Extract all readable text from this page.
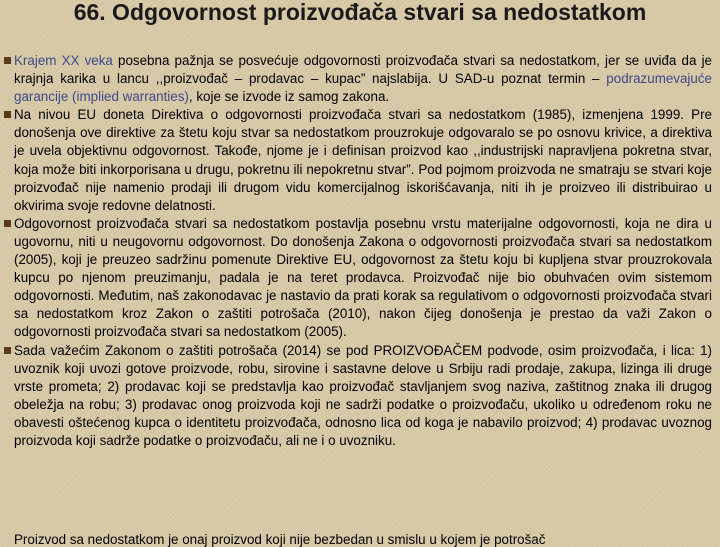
66. Odgovornost proizvođača stvari sa nedostatkom

Krajem XX veka posebna pažnja se posvećuje odgovornosti proizvođača stvari sa nedostatkom, jer se uviđa da je krajnja karika u lancu ,,proizvođač – prodavac – kupac” najslabija. U SAD-u poznat termin – podrazumevajuće garancije (implied warranties), koje se izvode iz samog zakona.

Na nivou EU doneta Direktiva o odgovornosti proizvođača stvari sa nedostatkom (1985), izmenjena 1999. Pre donošenja ove direktive za štetu koju stvar sa nedostatkom prouzrokuje odgovaralo se po osnovu krivice, a direktiva je uvela objektivnu odgovornost. Takođe, njome je i definisan proizvod kao ,,industrijski napravljena pokretna stvar, koja može biti inkorporisana u drugu, pokretnu ili nepokretnu stvar”. Pod pojmom proizvoda ne smatraju se stvari koje proizvođač nije namenio prodaji ili drugom vidu komercijalnog iskorišćavanja, niti ih je proizveo ili distribuirao u okvirima svoje redovne delatnosti.

Odgovornost proizvođača stvari sa nedostatkom postavlja posebnu vrstu materijalne odgovornosti, koja ne dira u ugovornu, niti u neugovornu odgovornost. Do donošenja Zakona o odgovornosti proizvođača stvari sa nedostatkom (2005), koji je preuzeo sadržinu pomenute Direktive EU, odgovornost za štetu koju bi kupljena stvar prouzrokovala kupcu po njenom preuzimanju, padala je na teret prodavca. Proizvođač nije bio obuhvaćen ovim sistemom odgovornosti. Međutim, naš zakonodavac je nastavio da prati korak sa regulativom o odgovornosti proizvođača stvari sa nedostatkom kroz Zakon o zaštiti potrošača (2010), nakon čijeg donošenja je prestao da važi Zakon o odgovornosti proizvođača stvari sa nedostatkom (2005).

Sada važećim Zakonom o zaštiti potrošača (2014) se pod PROIZVOĐAČEM podvode, osim proizvođača, i lica: 1) uvoznik koji uvozi gotove proizvode, robu, sirovine i sastavne delove u Srbiju radi prodaje, zakupa, lizinga ili druge vrste prometa; 2) prodavac koji se predstavlja kao proizvođač stavljanjem svog naziva, zaštitnog znaka ili drugog obeležja na robu; 3) prodavac onog proizvoda koji ne sadrži podatke o proizvođaču, ukoliko u određenom roku ne obavesti oštećenog kupca o identitetu proizvođača, odnosno lica od koga je nabavilo proizvod; 4) prodavac uvoznog proizvoda koji sadrže podatke o proizvođaču, ali ne i o uvozniku.

Proizvod sa nedostatkom je onaj proizvod koji nije bezbedan u smislu u kojem je potrošač
